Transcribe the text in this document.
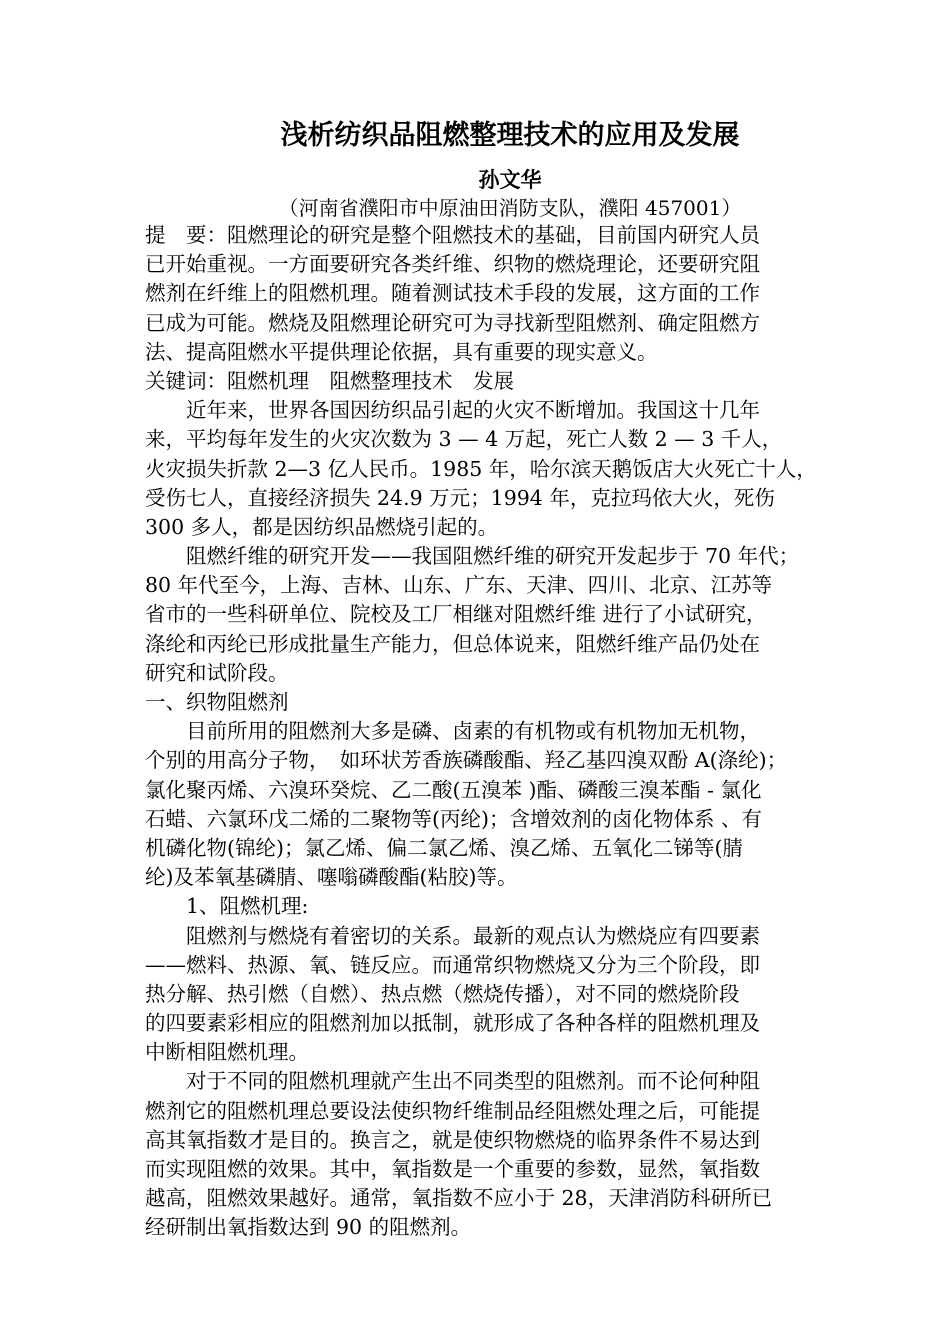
浅析纺织品阻燃整理技术的应用及发展
孙文华
（河南省濮阳市中原油田消防支队，濮阳 457001）
提　要：阻燃理论的研究是整个阻燃技术的基础，目前国内研究人员
已开始重视。一方面要研究各类纤维、织物的燃烧理论，还要研究阻
燃剂在纤维上的阻燃机理。随着测试技术手段的发展，这方面的工作
已成为可能。燃烧及阻燃理论研究可为寻找新型阻燃剂、确定阻燃方
法、提高阻燃水平提供理论依据，具有重要的现实意义。
关键词：阻燃机理　阻燃整理技术　发展
　　近年来，世界各国因纺织品引起的火灾不断增加。我国这十几年
来，平均每年发生的火灾次数为 3 — 4 万起，死亡人数 2 — 3 千人，
火灾损失折款 2—3 亿人民币。1985 年，哈尔滨天鹅饭店大火死亡十人，
受伤七人，直接经济损失 24.9 万元；1994 年，克拉玛依大火，死伤
300 多人，都是因纺织品燃烧引起的。
　　阻燃纤维的研究开发——我国阻燃纤维的研究开发起步于 70 年代；
80 年代至今，上海、吉林、山东、广东、天津、四川、北京、江苏等
省市的一些科研单位、院校及工厂相继对阻燃纤维 进行了小试研究，
涤纶和丙纶已形成批量生产能力，但总体说来，阻燃纤维产品仍处在
研究和试阶段。
一、织物阻燃剂
　　目前所用的阻燃剂大多是磷、卤素的有机物或有机物加无机物，
个别的用高分子物，　如环状芳香族磷酸酯、羟乙基四溴双酚 A(涤纶)；
氯化聚丙烯、六溴环癸烷、乙二酸(五溴苯 )酯、磷酸三溴苯酯 - 氯化
石蜡、六氯环戊二烯的二聚物等(丙纶)；含增效剂的卤化物体系 、有
机磷化物(锦纶)；氯乙烯、偏二氯乙烯、溴乙烯、五氧化二锑等(腈
纶)及苯氧基磷腈、噻嗡磷酸酯(粘胶)等。
　　1、阻燃机理:
　　阻燃剂与燃烧有着密切的关系。最新的观点认为燃烧应有四要素
——燃料、热源、氧、链反应。而通常织物燃烧又分为三个阶段，即
热分解、热引燃（自燃）、热点燃（燃烧传播），对不同的燃烧阶段
的四要素彩相应的阻燃剂加以抵制，就形成了各种各样的阻燃机理及
中断相阻燃机理。
　　对于不同的阻燃机理就产生出不同类型的阻燃剂。而不论何种阻
燃剂它的阻燃机理总要设法使织物纤维制品经阻燃处理之后，可能提
高其氧指数才是目的。换言之，就是使织物燃烧的临界条件不易达到
而实现阻燃的效果。其中，氧指数是一个重要的参数，显然，氧指数
越高，阻燃效果越好。通常，氧指数不应小于 28，天津消防科研所已
经研制出氧指数达到 90 的阻燃剂。
